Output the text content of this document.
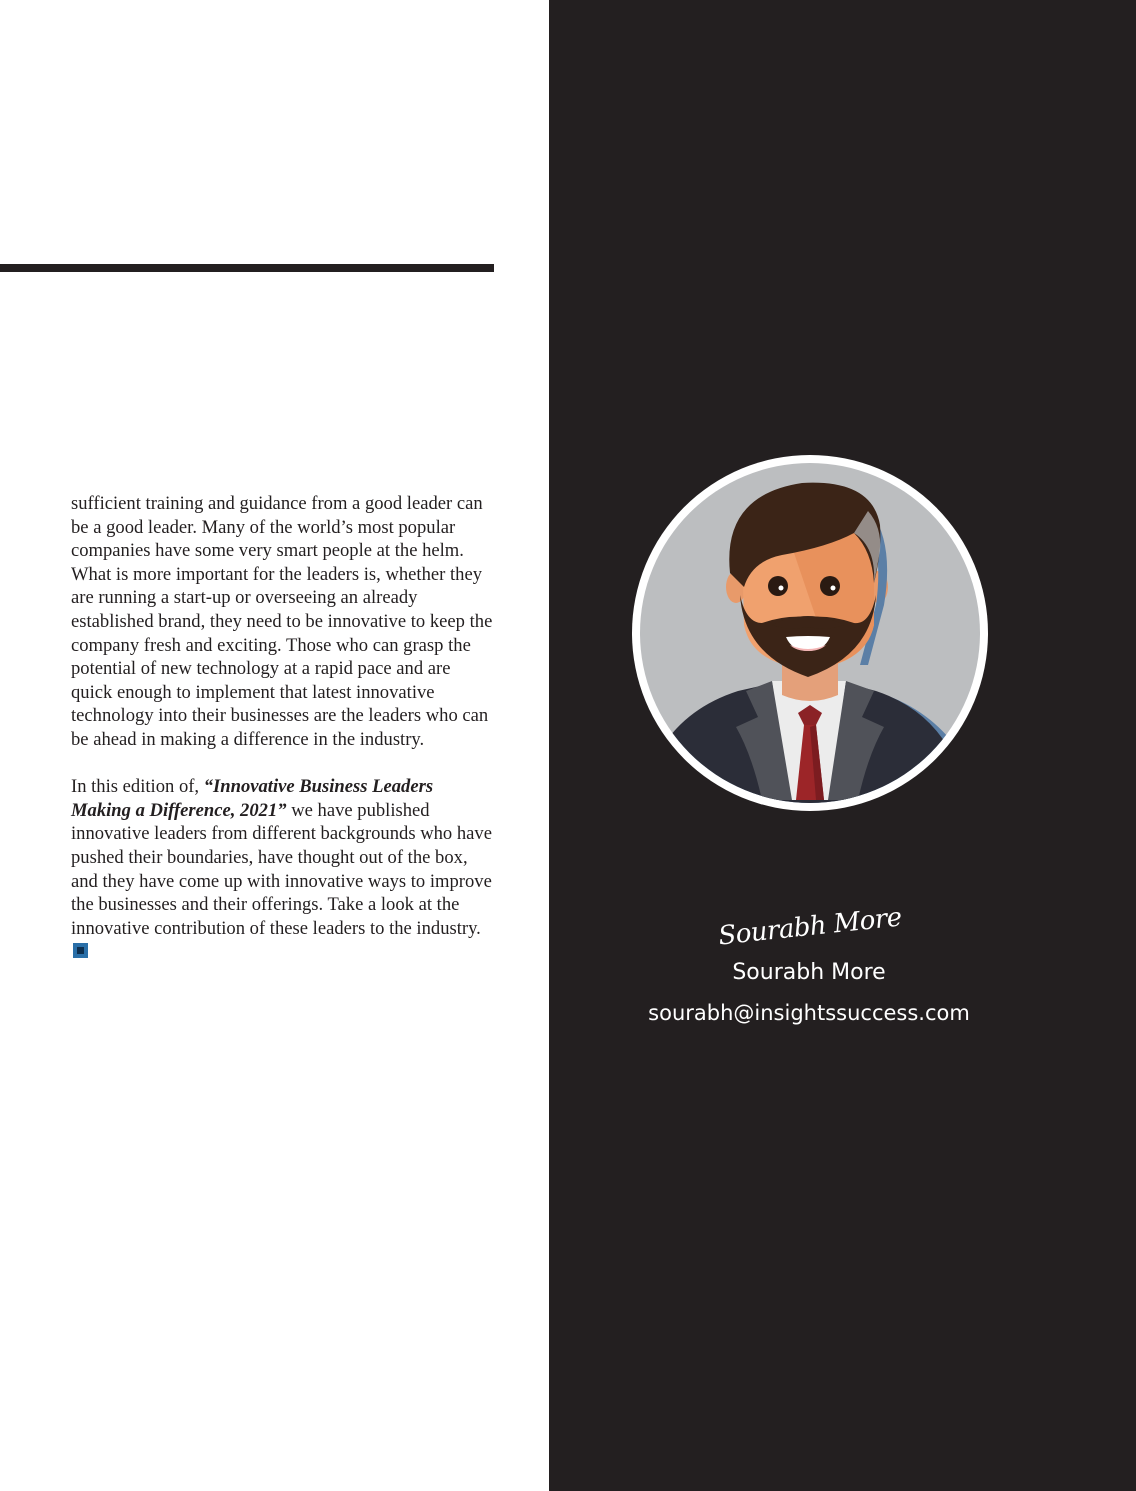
sufficient training and guidance from a good leader can be a good leader. Many of the world’s most popular companies have some very smart people at the helm. What is more important for the leaders is, whether they are running a start-up or overseeing an already established brand, they need to be innovative to keep the company fresh and exciting. Those who can grasp the potential of new technology at a rapid pace and are quick enough to implement that latest innovative technology into their businesses are the leaders who can be ahead in making a difference in the industry.

In this edition of, “Innovative Business Leaders Making a Difference, 2021” we have published innovative leaders from different backgrounds who have pushed their boundaries, have thought out of the box, and they have come up with innovative ways to improve the businesses and their offerings. Take a look at the innovative contribution of these leaders to the industry.	Sourabh More
Sourabh More
sourabh@insightssuccess.com
